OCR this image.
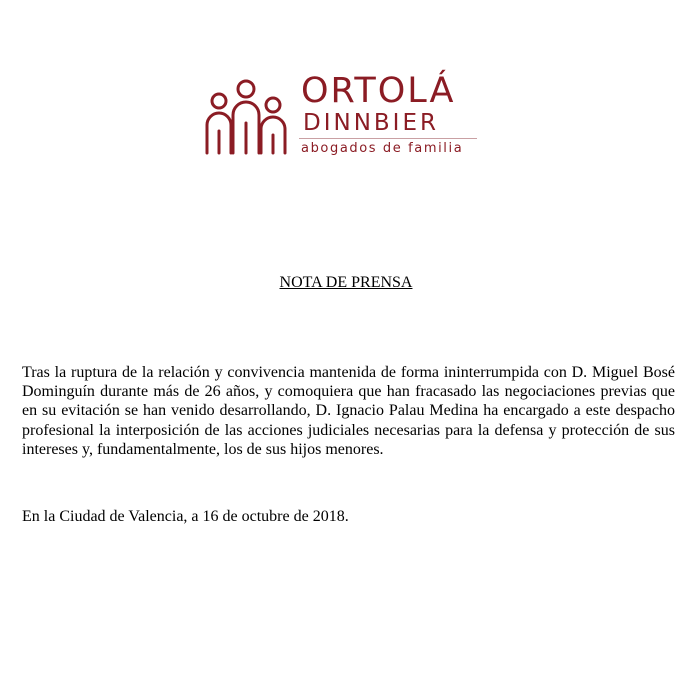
ORTOLÁ
DINNBIER
abogados de familia
NOTA DE PRENSA

Tras la ruptura de la relación y convivencia mantenida de forma ininterrumpida con D. Miguel Bosé Dominguín durante más de 26 años, y comoquiera que han fracasado las negociaciones previas que en su evitación se han venido desarrollando, D. Ignacio Palau Medina ha encargado a este despacho profesional la interposición de las acciones judiciales necesarias para la defensa y protección de sus intereses y, fundamentalmente, los de sus hijos menores.

En la Ciudad de Valencia, a 16 de octubre de 2018.
